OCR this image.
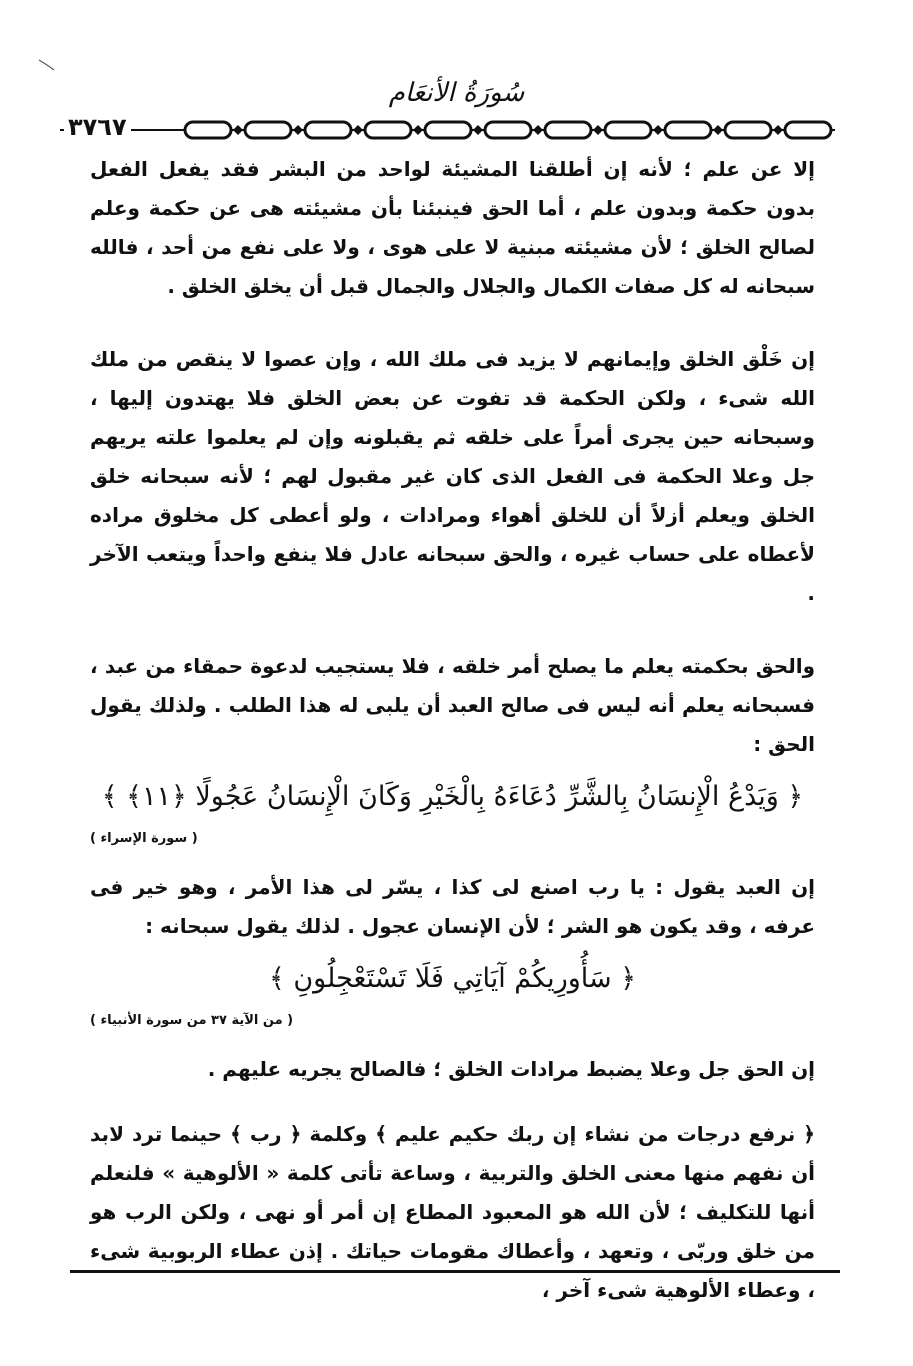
سُورَةُ الأنعَام
٣٧٦٧

إلا عن علم ؛ لأنه إن أطلقنا المشيئة لواحد من البشر فقد يفعل الفعل بدون حكمة وبدون علم ، أما الحق فينبئنا بأن مشيئته هى عن حكمة وعلم لصالح الخلق ؛ لأن مشيئته مبنية لا على هوى ، ولا على نفع من أحد ، فالله سبحانه له كل صفات الكمال والجلال والجمال قبل أن يخلق الخلق .

إن خَلْق الخلق وإيمانهم لا يزيد فى ملك الله ، وإن عصوا لا ينقص من ملك الله شىء ، ولكن الحكمة قد تفوت عن بعض الخلق فلا يهتدون إليها ، وسبحانه حين يجرى أمراً على خلقه ثم يقبلونه وإن لم يعلموا علته يريهم جل وعلا الحكمة فى الفعل الذى كان غير مقبول لهم ؛ لأنه سبحانه خلق الخلق ويعلم أزلاً أن للخلق أهواء ومرادات ، ولو أعطى كل مخلوق مراده لأعطاه على حساب غيره ، والحق سبحانه عادل فلا ينفع واحداً ويتعب الآخر .

والحق بحكمته يعلم ما يصلح أمر خلقه ، فلا يستجيب لدعوة حمقاء من عبد ، فسبحانه يعلم أنه ليس فى صالح العبد أن يلبى له هذا الطلب . ولذلك يقول الحق :

﴿ وَيَدْعُ الْإِنسَانُ بِالشَّرِّ دُعَاءَهُ بِالْخَيْرِ وَكَانَ الْإِنسَانُ عَجُولًا ﴿١١﴾ ﴾
( سورة الإسراء )

إن العبد يقول : يا رب اصنع لى كذا ، يسّر لى هذا الأمر ، وهو خير فى عرفه ، وقد يكون هو الشر ؛ لأن الإنسان عجول . لذلك يقول سبحانه :

﴿ سَأُورِيكُمْ آيَاتِي فَلَا تَسْتَعْجِلُونِ ﴾
( من الآية ٣٧ من سورة الأنبياء )

إن الحق جل وعلا يضبط مرادات الخلق ؛ فالصالح يجريه عليهم .

﴿ نرفع درجات من نشاء إن ربك حكيم عليم ﴾ وكلمة ﴿ رب ﴾ حينما ترد لابد أن نفهم منها معنى الخلق والتربية ، وساعة تأتى كلمة « الألوهية » فلنعلم أنها للتكليف ؛ لأن الله هو المعبود المطاع إن أمر أو نهى ، ولكن الرب هو من خلق وربّى ، وتعهد ، وأعطاك مقومات حياتك . إذن عطاء الربوبية شىء ، وعطاء الألوهية شىء آخر ،
